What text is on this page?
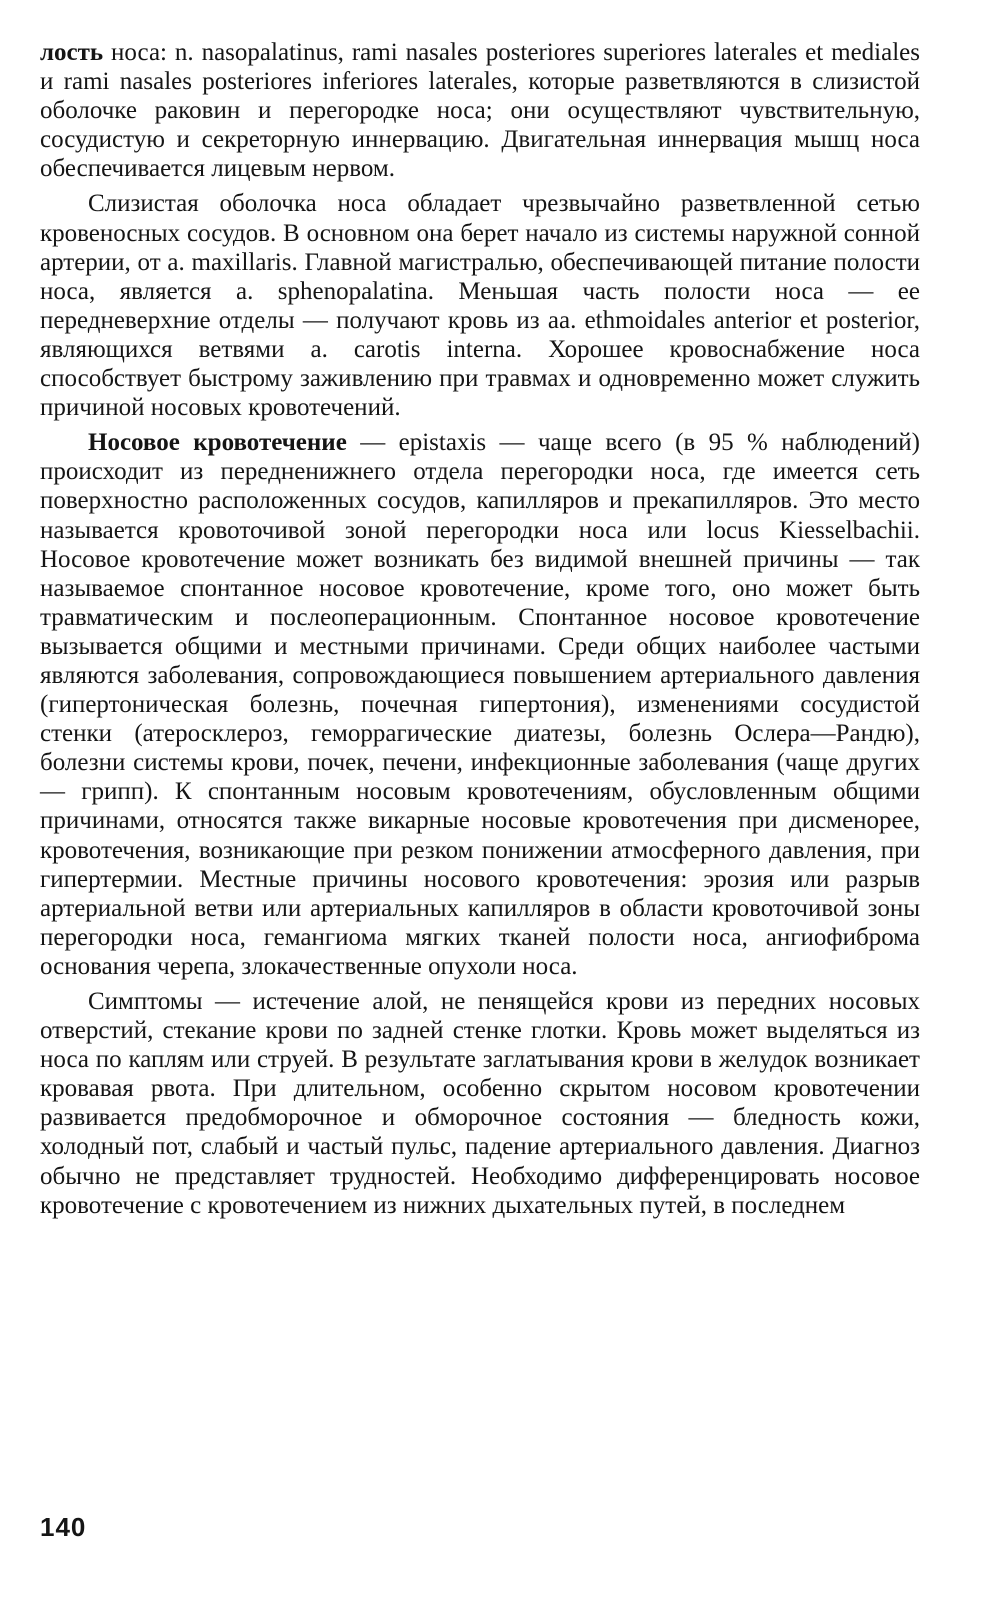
лость носа: n. nasopalatinus, rami nasales posteriores superiores laterales et mediales и rami nasales posteriores inferiores laterales, которые разветвляются в слизистой оболочке раковин и перегородке носа; они осуществляют чувствительную, сосудистую и секреторную иннервацию. Двигательная иннервация мышц носа обеспечивается лицевым нервом.

Слизистая оболочка носа обладает чрезвычайно разветвленной сетью кровеносных сосудов. В основном она берет начало из системы наружной сонной артерии, от a. maxillaris. Главной магистралью, обеспечивающей питание полости носа, является a. sphenopalatina. Меньшая часть полости носа — ее передневерхние отделы — получают кровь из aa. ethmoidales anterior et posterior, являющихся ветвями a. carotis interna. Хорошее кровоснабжение носа способствует быстрому заживлению при травмах и одновременно может служить причиной носовых кровотечений.

Носовое кровотечение — epistaxis — чаще всего (в 95 % наблюдений) происходит из передненижнего отдела перегородки носа, где имеется сеть поверхностно расположенных сосудов, капилляров и прекапилляров. Это место называется кровоточивой зоной перегородки носа или locus Kiesselbachii. Носовое кровотечение может возникать без видимой внешней причины — так называемое спонтанное носовое кровотечение, кроме того, оно может быть травматическим и послеоперационным. Спонтанное носовое кровотечение вызывается общими и местными причинами. Среди общих наиболее частыми являются заболевания, сопровождающиеся повышением артериального давления (гипертоническая болезнь, почечная гипертония), изменениями сосудистой стенки (атеросклероз, геморрагические диатезы, болезнь Ослера—Рандю), болезни системы крови, почек, печени, инфекционные заболевания (чаще других — грипп). К спонтанным носовым кровотечениям, обусловленным общими причинами, относятся также викарные носовые кровотечения при дисменорее, кровотечения, возникающие при резком понижении атмосферного давления, при гипертермии. Местные причины носового кровотечения: эрозия или разрыв артериальной ветви или артериальных капилляров в области кровоточивой зоны перегородки носа, гемангиома мягких тканей полости носа, ангиофиброма основания черепа, злокачественные опухоли носа.

Симптомы — истечение алой, не пенящейся крови из передних носовых отверстий, стекание крови по задней стенке глотки. Кровь может выделяться из носа по каплям или струей. В результате заглатывания крови в желудок возникает кровавая рвота. При длительном, особенно скрытом носовом кровотечении развивается предобморочное и обморочное состояния — бледность кожи, холодный пот, слабый и частый пульс, падение артериального давления. Диагноз обычно не представляет трудностей. Необходимо дифференцировать носовое кровотечение с кровотечением из нижних дыхательных путей, в последнем

140
